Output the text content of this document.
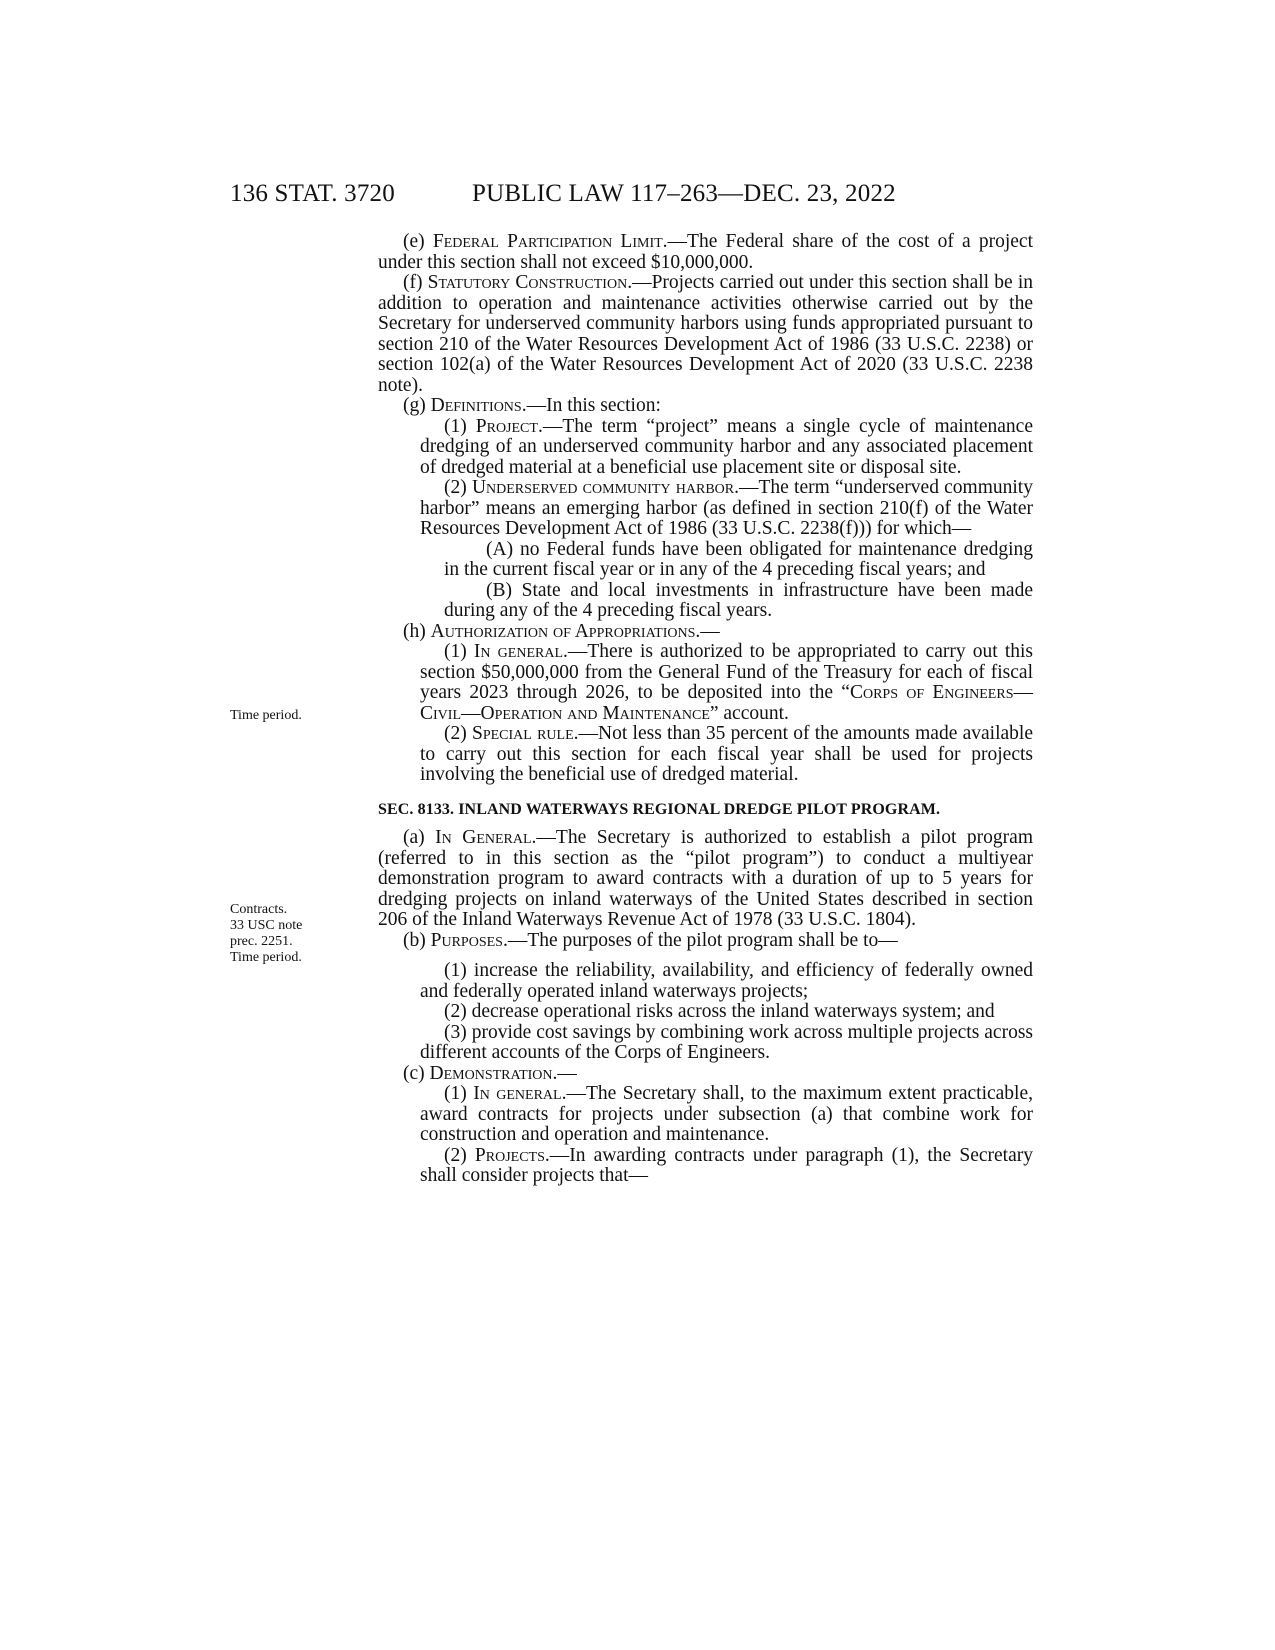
136 STAT. 3720	PUBLIC LAW 117–263—DEC. 23, 2022
Time period.
Contracts.
33 USC note
prec. 2251.
Time period.

(e) Federal Participation Limit.—The Federal share of the cost of a project under this section shall not exceed $10,000,000.

(f) Statutory Construction.—Projects carried out under this section shall be in addition to operation and maintenance activities otherwise carried out by the Secretary for underserved community harbors using funds appropriated pursuant to section 210 of the Water Resources Development Act of 1986 (33 U.S.C. 2238) or section 102(a) of the Water Resources Development Act of 2020 (33 U.S.C. 2238 note).

(g) Definitions.—In this section:

(1) Project.—The term “project” means a single cycle of maintenance dredging of an underserved community harbor and any associated placement of dredged material at a beneficial use placement site or disposal site.

(2) Underserved community harbor.—The term “underserved community harbor” means an emerging harbor (as defined in section 210(f) of the Water Resources Development Act of 1986 (33 U.S.C. 2238(f))) for which—

(A) no Federal funds have been obligated for maintenance dredging in the current fiscal year or in any of the 4 preceding fiscal years; and

(B) State and local investments in infrastructure have been made during any of the 4 preceding fiscal years.

(h) Authorization of Appropriations.—

(1) In general.—There is authorized to be appropriated to carry out this section $50,000,000 from the General Fund of the Treasury for each of fiscal years 2023 through 2026, to be deposited into the “Corps of Engineers—Civil—Operation and Maintenance” account.

(2) Special rule.—Not less than 35 percent of the amounts made available to carry out this section for each fiscal year shall be used for projects involving the beneficial use of dredged material.

SEC. 8133. INLAND WATERWAYS REGIONAL DREDGE PILOT PROGRAM.

(a) In General.—The Secretary is authorized to establish a pilot program (referred to in this section as the “pilot program”) to conduct a multiyear demonstration program to award contracts with a duration of up to 5 years for dredging projects on inland waterways of the United States described in section 206 of the Inland Waterways Revenue Act of 1978 (33 U.S.C. 1804).

(b) Purposes.—The purposes of the pilot program shall be to—

(1) increase the reliability, availability, and efficiency of federally owned and federally operated inland waterways projects;

(2) decrease operational risks across the inland waterways system; and

(3) provide cost savings by combining work across multiple projects across different accounts of the Corps of Engineers.

(c) Demonstration.—

(1) In general.—The Secretary shall, to the maximum extent practicable, award contracts for projects under subsection (a) that combine work for construction and operation and maintenance.

(2) Projects.—In awarding contracts under paragraph (1), the Secretary shall consider projects that—
